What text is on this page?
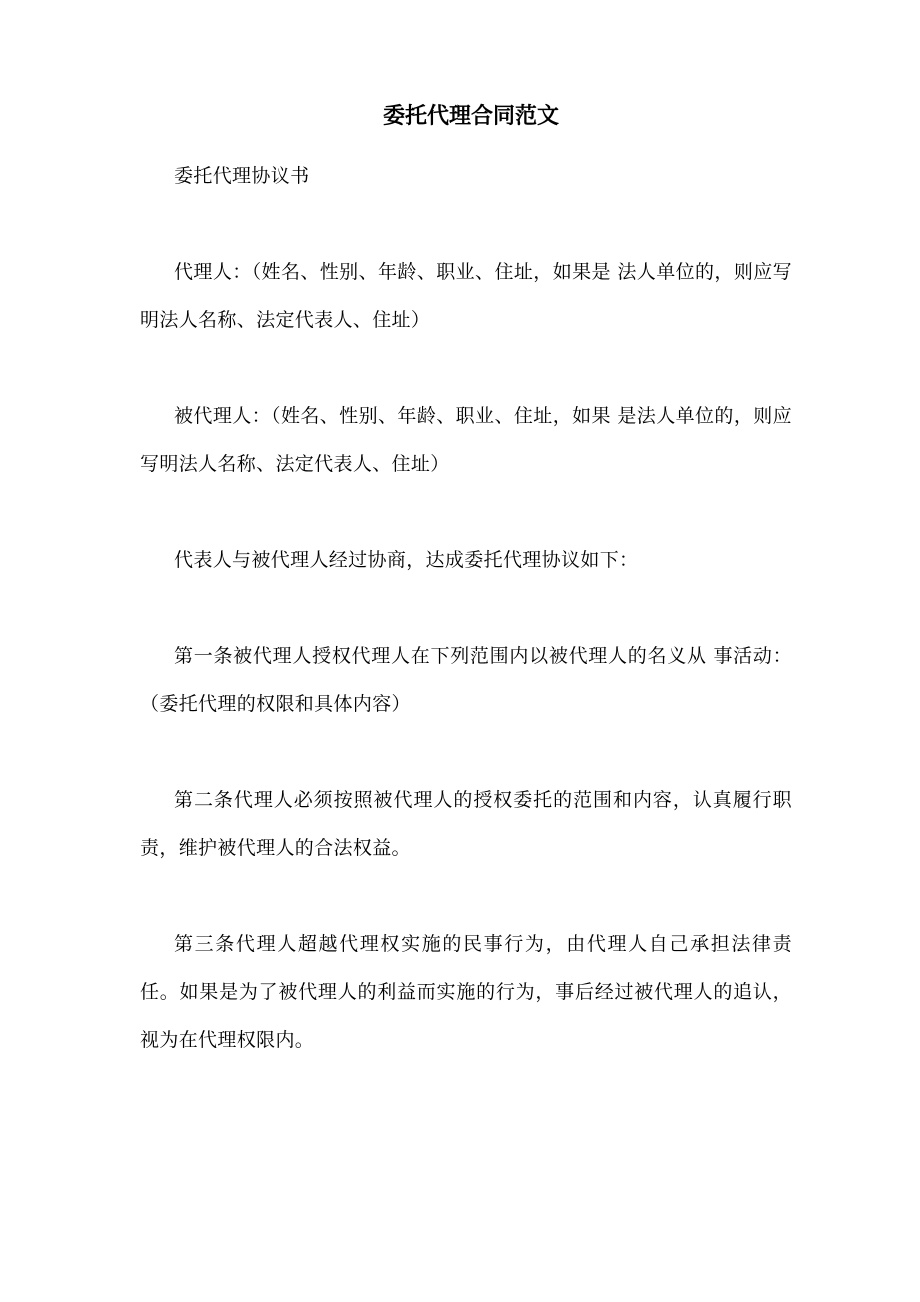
委托代理合同范文

委托代理协议书

代理人：（姓名、性别、年龄、职业、住址，如果是 法人单位的，则应写明法人名称、法定代表人、住址）

被代理人：（姓名、性别、年龄、职业、住址，如果 是法人单位的，则应写明法人名称、法定代表人、住址）

代表人与被代理人经过协商，达成委托代理协议如下：

第一条被代理人授权代理人在下列范围内以被代理人的名义从 事活动：（委托代理的权限和具体内容）

第二条代理人必须按照被代理人的授权委托的范围和内容，认真履行职责，维护被代理人的合法权益。

第三条代理人超越代理权实施的民事行为，由代理人自己承担法律责任。如果是为了被代理人的利益而实施的行为，事后经过被代理人的追认，视为在代理权限内。
